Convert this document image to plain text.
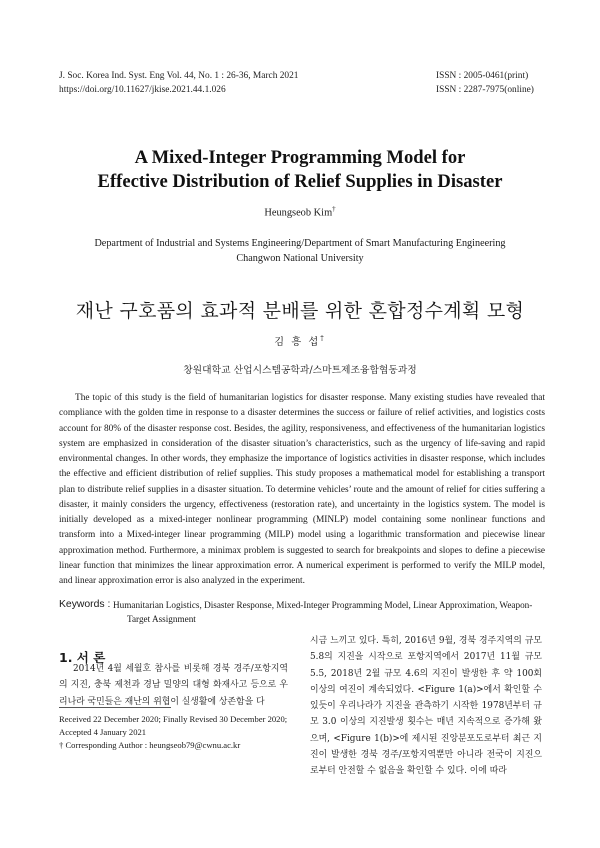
J. Soc. Korea Ind. Syst. Eng Vol. 44, No. 1 : 26-36, March 2021
https://doi.org/10.11627/jkise.2021.44.1.026
ISSN : 2005-0461(print)
ISSN : 2287-7975(online)
A Mixed-Integer Programming Model for
Effective Distribution of Relief Supplies in Disaster
Heungseob Kim†
Department of Industrial and Systems Engineering/Department of Smart Manufacturing Engineering
Changwon National University
재난 구호품의 효과적 분배를 위한 혼합정수계획 모형
김 흥 섭†
창원대학교 산업시스템공학과/스마트제조융합협동과정
The topic of this study is the field of humanitarian logistics for disaster response. Many existing studies have revealed that compliance with the golden time in response to a disaster determines the success or failure of relief activities, and logistics costs account for 80% of the disaster response cost. Besides, the agility, responsiveness, and effectiveness of the humanitarian logistics system are emphasized in consideration of the disaster situation’s characteristics, such as the urgency of life-saving and rapid environmental changes. In other words, they emphasize the importance of logistics activities in disaster response, which includes the effective and efficient distribution of relief supplies. This study proposes a mathematical model for establishing a transport plan to distribute relief supplies in a disaster situation. To determine vehicles’ route and the amount of relief for cities suffering a disaster, it mainly considers the urgency, effectiveness (restoration rate), and uncertainty in the logistics system. The model is initially developed as a mixed-integer nonlinear programming (MINLP) model containing some nonlinear functions and transform into a Mixed-integer linear programming (MILP) model using a logarithmic transformation and piecewise linear approximation method. Furthermore, a minimax problem is suggested to search for breakpoints and slopes to define a piecewise linear function that minimizes the linear approximation error. A numerical experiment is performed to verify the MILP model, and linear approximation error is also analyzed in the experiment.
Keywords : Humanitarian Logistics, Disaster Response, Mixed-Integer Programming Model, Linear Approximation, Weapon-
Target Assignment
1. 서 론
2014년 4월 세월호 참사를 비롯해 경북 경주/포항지역의 지진, 충북 제천과 경남 밀양의 대형 화재사고 등으로 우리나라 국민들은 재난의 위협이 실생활에 상존함을 다
시금 느끼고 있다. 특히, 2016년 9월, 경북 경주지역의 규모 5.8의 지진을 시작으로 포항지역에서 2017년 11월 규모 5.5, 2018년 2월 규모 4.6의 지진이 발생한 후 약 100회 이상의 여진이 계속되었다. <Figure 1(a)>에서 확인할 수 있듯이 우리나라가 지진을 관측하기 시작한 1978년부터 규모 3.0 이상의 지진발생 횟수는 매년 지속적으로 증가해 왔으며, <Figure 1(b)>에 제시된 진앙분포도로부터 최근 지진이 발생한 경북 경주/포항지역뿐만 아니라 전국이 지진으로부터 안전할 수 없음을 확인할 수 있다. 이에 따라
Received 22 December 2020; Finally Revised 30 December 2020;
Accepted 4 January 2021
† Corresponding Author : heungseob79@cwnu.ac.kr
